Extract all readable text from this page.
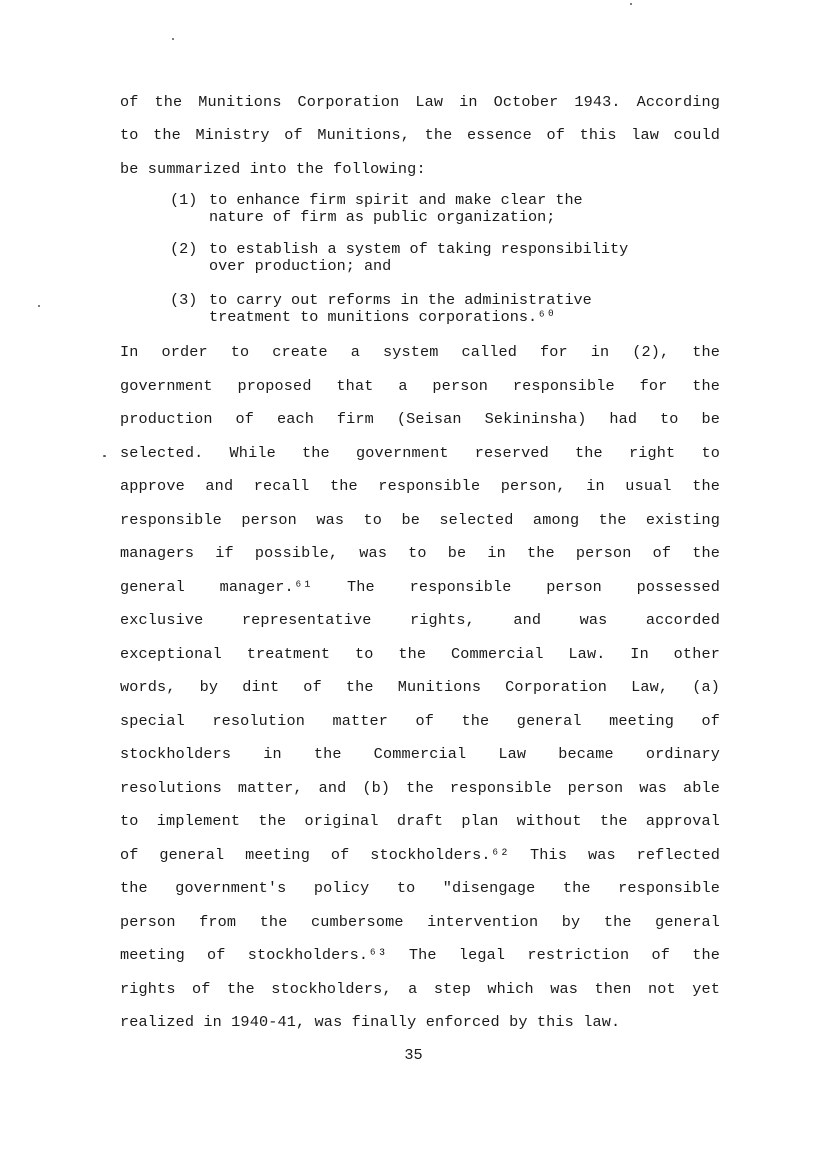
of the Munitions Corporation Law in October 1943. According
to the Ministry of Munitions, the essence of this law could
be summarized into the following:
(1) to enhance firm spirit and make clear the
nature of firm as public organization;
(2) to establish a system of taking responsibility
over production; and
(3) to carry out reforms in the administrative
treatment to munitions corporations.⁶⁰
In order to create a system called for in (2), the
government proposed that a person responsible for the
production of each firm (Seisan Sekininsha) had to be
selected. While the government reserved the right to
approve and recall the responsible person, in usual the
responsible person was to be selected among the existing
managers if possible, was to be in the person of the
general manager.⁶¹ The responsible person possessed
exclusive representative rights, and was accorded
exceptional treatment to the Commercial Law. In other
words, by dint of the Munitions Corporation Law, (a)
special resolution matter of the general meeting of
stockholders in the Commercial Law became ordinary
resolutions matter, and (b) the responsible person was able
to implement the original draft plan without the approval
of general meeting of stockholders.⁶² This was reflected
the government's policy to "disengage the responsible
person from the cumbersome intervention by the general
meeting of stockholders.⁶³ The legal restriction of the
rights of the stockholders, a step which was then not yet
realized in 1940-41, was finally enforced by this law.
35
